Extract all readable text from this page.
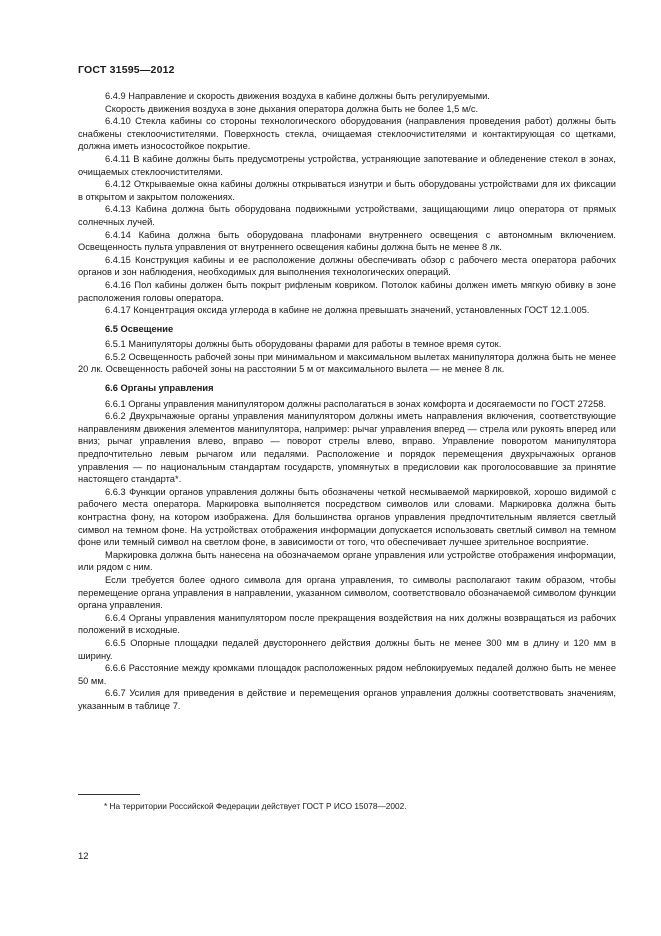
ГОСТ 31595—2012

6.4.9 Направление и скорость движения воздуха в кабине должны быть регулируемыми.

Скорость движения воздуха в зоне дыхания оператора должна быть не более 1,5 м/с.

6.4.10 Стекла кабины со стороны технологического оборудования (направления проведения работ) должны быть снабжены стеклоочистителями. Поверхность стекла, очищаемая стеклоочистителями и контактирующая со щетками, должна иметь износостойкое покрытие.

6.4.11 В кабине должны быть предусмотрены устройства, устраняющие запотевание и обледенение стекол в зонах, очищаемых стеклоочистителями.

6.4.12 Открываемые окна кабины должны открываться изнутри и быть оборудованы устройствами для их фиксации в открытом и закрытом положениях.

6.4.13 Кабина должна быть оборудована подвижными устройствами, защищающими лицо оператора от прямых солнечных лучей.

6.4.14 Кабина должна быть оборудована плафонами внутреннего освещения с автономным включением. Освещенность пульта управления от внутреннего освещения кабины должна быть не менее 8 лк.

6.4.15 Конструкция кабины и ее расположение должны обеспечивать обзор с рабочего места оператора рабочих органов и зон наблюдения, необходимых для выполнения технологических операций.

6.4.16 Пол кабины должен быть покрыт рифленым ковриком. Потолок кабины должен иметь мягкую обивку в зоне расположения головы оператора.

6.4.17 Концентрация оксида углерода в кабине не должна превышать значений, установленных ГОСТ 12.1.005.

6.5 Освещение

6.5.1 Манипуляторы должны быть оборудованы фарами для работы в темное время суток.

6.5.2 Освещенность рабочей зоны при минимальном и максимальном вылетах манипулятора должна быть не менее 20 лк. Освещенность рабочей зоны на расстоянии 5 м от максимального вылета — не менее 8 лк.

6.6 Органы управления

6.6.1 Органы управления манипулятором должны располагаться в зонах комфорта и досягаемости по ГОСТ 27258.

6.6.2 Двухрычажные органы управления манипулятором должны иметь направления включения, соответствующие направлениям движения элементов манипулятора, например: рычаг управления вперед — стрела или рукоять вперед или вниз; рычаг управления влево, вправо — поворот стрелы влево, вправо. Управление поворотом манипулятора предпочтительно левым рычагом или педалями. Расположение и порядок перемещения двухрычажных органов управления — по национальным стандартам государств, упомянутых в предисловии как проголосовавшие за принятие настоящего стандарта*.

6.6.3 Функции органов управления должны быть обозначены четкой несмываемой маркировкой, хорошо видимой с рабочего места оператора. Маркировка выполняется посредством символов или словами. Маркировка должна быть контрастна фону, на котором изображена. Для большинства органов управления предпочтительным является светлый символ на темном фоне. На устройствах отображения информации допускается использовать светлый символ на темном фоне или темный символ на светлом фоне, в зависимости от того, что обеспечивает лучшее зрительное восприятие.

Маркировка должна быть нанесена на обозначаемом органе управления или устройстве отображения информации, или рядом с ним.

Если требуется более одного символа для органа управления, то символы располагают таким образом, чтобы перемещение органа управления в направлении, указанном символом, соответствовало обозначаемой символом функции органа управления.

6.6.4 Органы управления манипулятором после прекращения воздействия на них должны возвращаться из рабочих положений в исходные.

6.6.5 Опорные площадки педалей двустороннего действия должны быть не менее 300 мм в длину и 120 мм в ширину.

6.6.6 Расстояние между кромками площадок расположенных рядом неблокируемых педалей должно быть не менее 50 мм.

6.6.7 Усилия для приведения в действие и перемещения органов управления должны соответствовать значениям, указанным в таблице 7.

* На территории Российской Федерации действует ГОСТ Р ИСО 15078—2002.
12
